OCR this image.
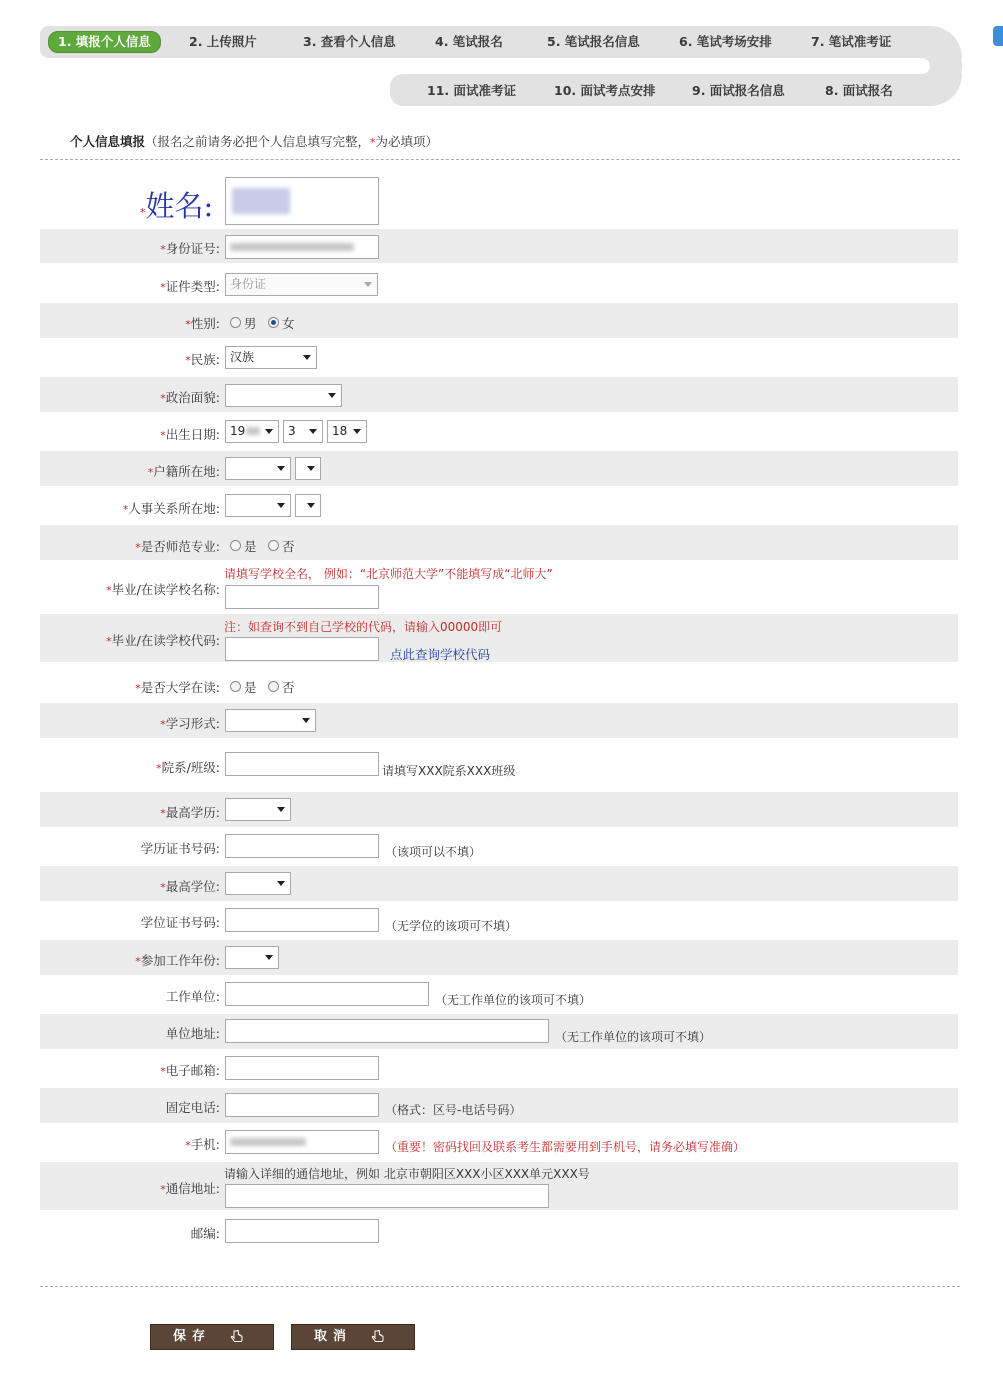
1. 填报个人信息	2. 上传照片	3. 查看个人信息	4. 笔试报名	5. 笔试报名信息	6. 笔试考场安排	7. 笔试准考证
8. 面试报名
9. 面试报名信息
10. 面试考点安排
11. 面试准考证
个人信息填报（报名之前请务必把个人信息填写完整，*为必填项）
*姓名:
*身份证号:
*证件类型: 身份证
*性别: 男 女
*民族: 汉族
*政治面貌:
*出生日期: 19	3	18
*户籍所在地:
*人事关系所在地:
*是否师范专业: 是 否
*毕业/在读学校名称:
请填写学校全名， 例如：“北京师范大学”不能填写成“北师大”
*毕业/在读学校代码:
注：如查询不到自己学校的代码，请输入00000即可
点此查询学校代码
*是否大学在读: 是 否
*学习形式:
*院系/班级:	请填写XXX院系XXX班级
*最高学历:
学历证书号码:	（该项可以不填）
*最高学位:
学位证书号码:	（无学位的该项可不填）
*参加工作年份:
工作单位:	（无工作单位的该项可不填）
单位地址:	（无工作单位的该项可不填）
*电子邮箱:
固定电话:	（格式：区号-电话号码）
*手机:	（重要！密码找回及联系考生都需要用到手机号，请务必填写准确）
*通信地址:
请输入详细的通信地址，例如 北京市朝阳区XXX小区XXX单元XXX号
邮编:
保存	取消
